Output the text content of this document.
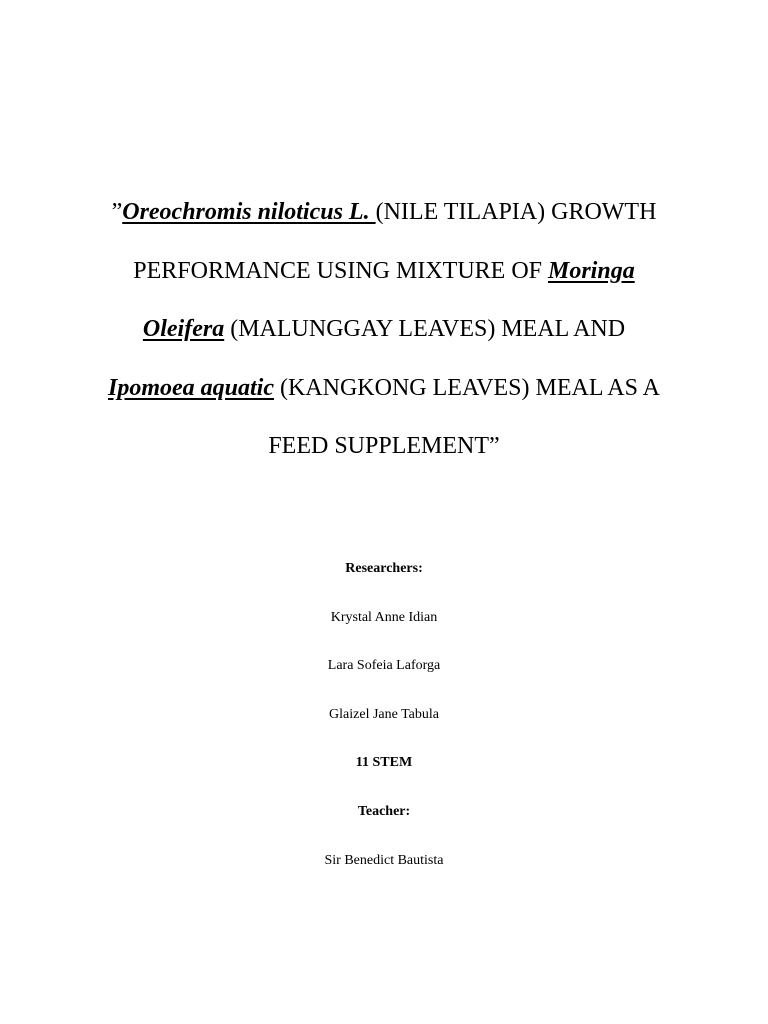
”Oreochromis niloticus L. (NILE TILAPIA) GROWTH
PERFORMANCE USING MIXTURE OF Moringa
Oleifera (MALUNGGAY LEAVES) MEAL AND
Ipomoea aquatic (KANGKONG LEAVES) MEAL AS A
FEED SUPPLEMENT”
Researchers:
Krystal Anne Idian
Lara Sofeia Laforga
Glaizel Jane Tabula
11 STEM
Teacher:
Sir Benedict Bautista
